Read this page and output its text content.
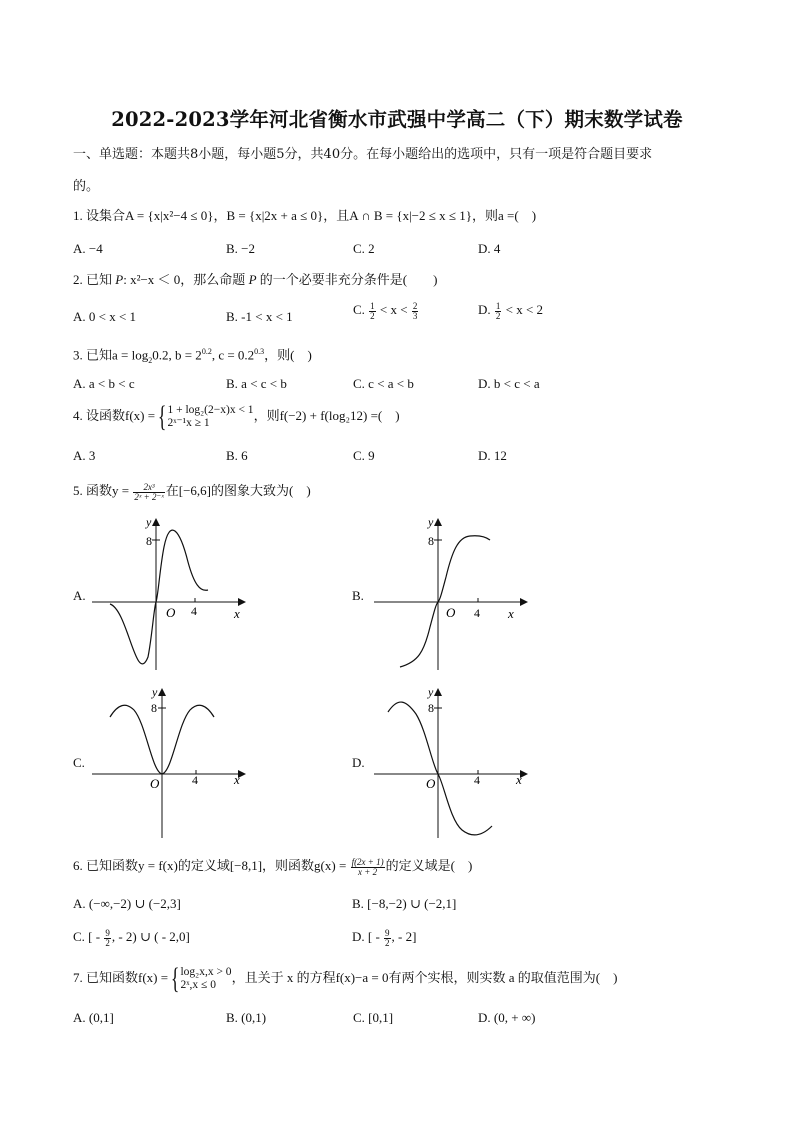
2022-2023学年河北省衡水市武强中学高二（下）期末数学试卷
一、单选题：本题共8小题，每小题5分，共40分。在每小题给出的选项中，只有一项是符合题目要求
的。
1. 设集合A = {x|x²−4 ≤ 0}，B = {x|2x + a ≤ 0}，且A ∩ B = {x|−2 ≤ x ≤ 1}，则a =(　)
A. −4	B. −2	C. 2	D. 4
2. 已知 P: x²−x ＜ 0，那么命题 P 的一个必要非充分条件是(　　)
A. 0 < x < 1	B. -1 < x < 1	C. $\frac{1}{2} < x < \frac{2}{3}$	D. $\frac{1}{2} < x < 2$
3. 已知$a = \log_20.2$, $b = 2^{0.2}$, $c = 0.2^{0.3}$，则(　)
A. a < b < c	B. a < c < b	C. c < a < b	D. b < c < a
4. 设函数f(x) ={ 1 + log₂(2−x)x < 1
2ˣ⁻¹x ≥ 1
，则f(−2) + f(log₂12) =(　)
A. 3	B. 6	C. 9	D. 12
5. 函数$y = \frac{\text{2x³}}{\text{2ˣ + 2⁻ˣ}}$ 在[−6,6]的图象大致为(　)
A.	B.
C.	D.
y
8
O 4	x
y
8
O 4 x
y
8
O	4	x
y
8
O	4	x
6. 已知函数y = f(x)的定义域[−8,1]，则函数$g(x) = \frac{f(2x + 1)}{x + 2}$ 的定义域是(　)
A. (−∞,−2) ∪ (−2,3]	B. [−8,−2) ∪ (−2,1]
C. [ - $\frac{9}{2}$ , - 2) ∪ ( - 2,0]	D. [ - $\frac{9}{2}$ , - 2]
7. 已知函数f(x) ={ log₂x,x > 0
2ˣ,x ≤ 0
，且关于 x 的方程f(x)−a = 0有两个实根，则实数 a 的取值范围为(　)
A. (0,1]	B. (0,1)	C. [0,1]	D. (0, + ∞)
